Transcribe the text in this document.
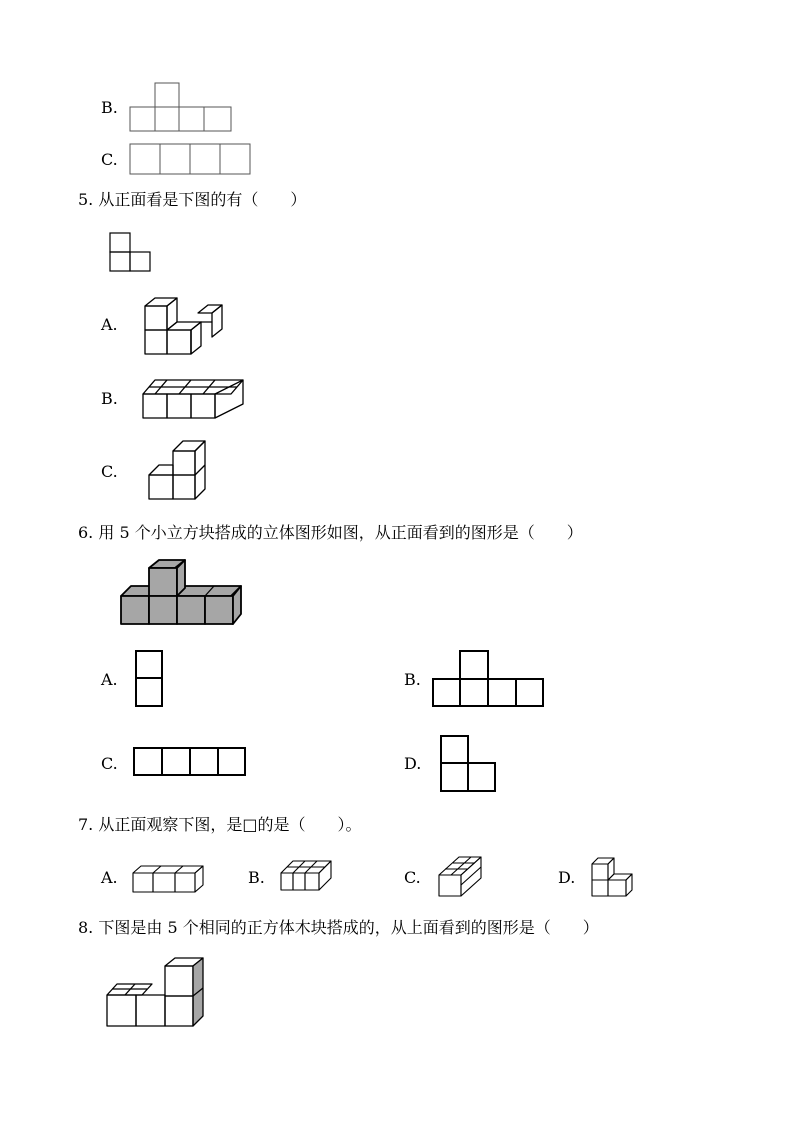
B.
C.
5. 从正面看是下图的有（　　）
A.
B.
C.
6. 用 5 个小立方块搭成的立体图形如图，从正面看到的图形是（　　）
A.	B.
C.	D.
7. 从正面观察下图，是□的是（　　）。
A.	B.	C.	D.
8. 下图是由 5 个相同的正方体木块搭成的，从上面看到的图形是（　　）
